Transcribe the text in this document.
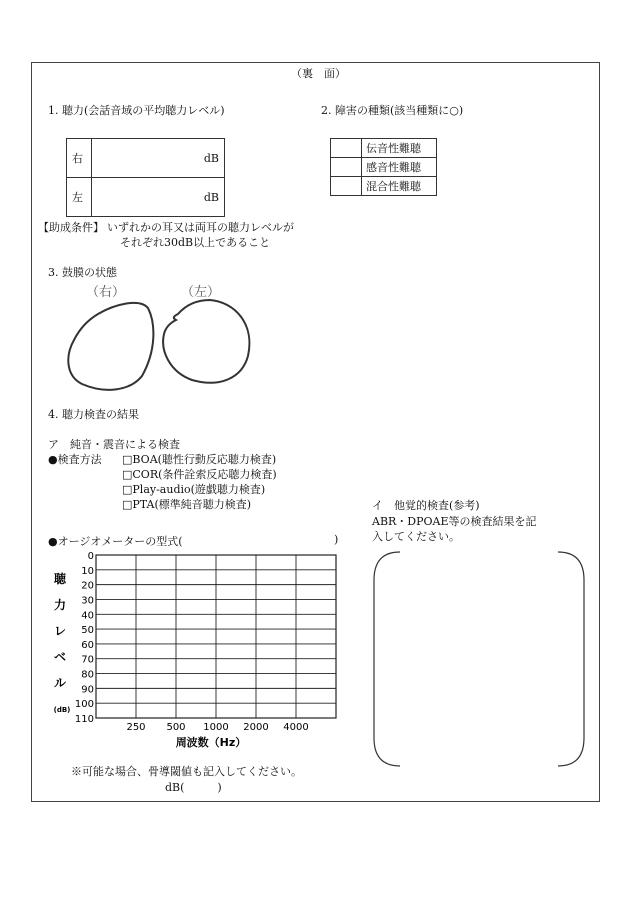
（裏　面）
1. 聴力(会話音域の平均聴力レベル)
右	dB
左	dB
【助成条件】 いずれかの耳又は両耳の聴力レベルが
それぞれ30dB以上であること
2. 障害の種類(該当種類に○)
	伝音性難聴
	感音性難聴
	混合性難聴
3. 鼓膜の状態
（右）	（左）
4. 聴力検査の結果
ア　純音・震音による検査
●検査方法 □BOA(聴性行動反応聴力検査)
□COR(条件詮索反応聴力検査)
□Play-audio(遊戯聴力検査)
□PTA(標準純音聴力検査)
●オージオメーターの型式(	)
0
10
20
30
40
50
60
70
80
90
100
110
250 500 1000 2000 4000
聴
力
レ
ベ
ル
(dB)
周波数（Hz）
※可能な場合、骨導閾値も記入してください。
dB(　　　)
イ　他覚的検査(参考)
ABR・DPOAE等の検査結果を記
入してください。
